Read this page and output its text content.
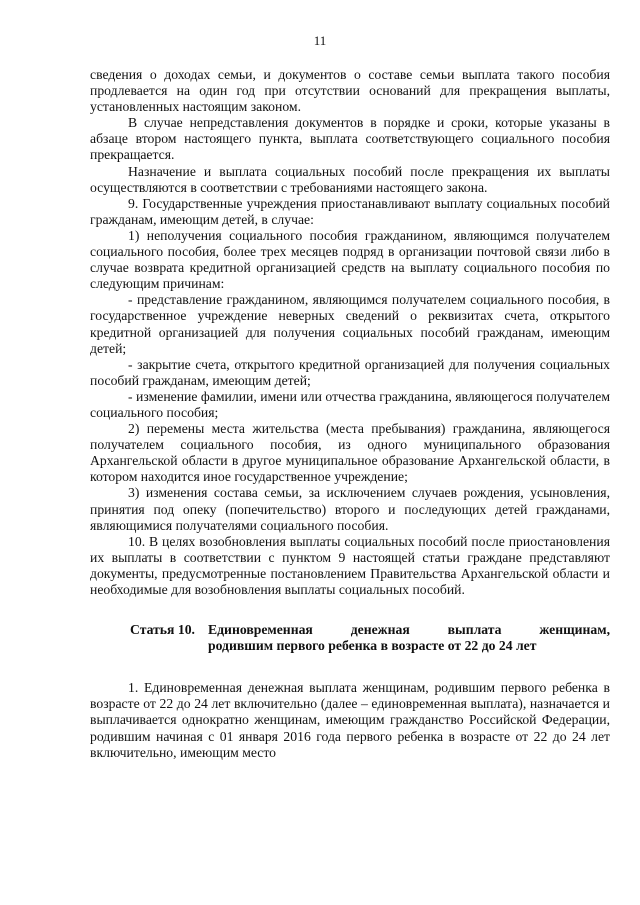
11

сведения о доходах семьи, и документов о составе семьи выплата такого пособия продлевается на один год при отсутствии оснований для прекращения выплаты, установленных настоящим законом.

В случае непредставления документов в порядке и сроки, которые указаны в абзаце втором настоящего пункта, выплата соответствующего социального пособия прекращается.

Назначение и выплата социальных пособий после прекращения их выплаты осуществляются в соответствии с требованиями настоящего закона.

9. Государственные учреждения приостанавливают выплату социальных пособий гражданам, имеющим детей, в случае:

1) неполучения социального пособия гражданином, являющимся получателем социального пособия, более трех месяцев подряд в организации почтовой связи либо в случае возврата кредитной организацией средств на выплату социального пособия по следующим причинам:

- представление гражданином, являющимся получателем социального пособия, в государственное учреждение неверных сведений о реквизитах счета, открытого кредитной организацией для получения социальных пособий гражданам, имеющим детей;

- закрытие счета, открытого кредитной организацией для получения социальных пособий гражданам, имеющим детей;

- изменение фамилии, имени или отчества гражданина, являющегося получателем социального пособия;

2) перемены места жительства (места пребывания) гражданина, являющегося получателем социального пособия, из одного муниципального образования Архангельской области в другое муниципальное образование Архангельской области, в котором находится иное государственное учреждение;

3) изменения состава семьи, за исключением случаев рождения, усыновления, принятия под опеку (попечительство) второго и последующих детей гражданами, являющимися получателями социального пособия.

10. В целях возобновления выплаты социальных пособий после приостановления их выплаты в соответствии с пунктом 9 настоящей статьи граждане представляют документы, предусмотренные постановлением Правительства Архангельской области и необходимые для возобновления выплаты социальных пособий.

Статья 10. Единовременная денежная выплата женщинам,
родившим первого ребенка в возрасте от 22 до 24 лет

1. Единовременная денежная выплата женщинам, родившим первого ребенка в возрасте от 22 до 24 лет включительно (далее – единовременная выплата), назначается и выплачивается однократно женщинам, имеющим гражданство Российской Федерации, родившим начиная с 01 января 2016 года первого ребенка в возрасте от 22 до 24 лет включительно, имеющим место
